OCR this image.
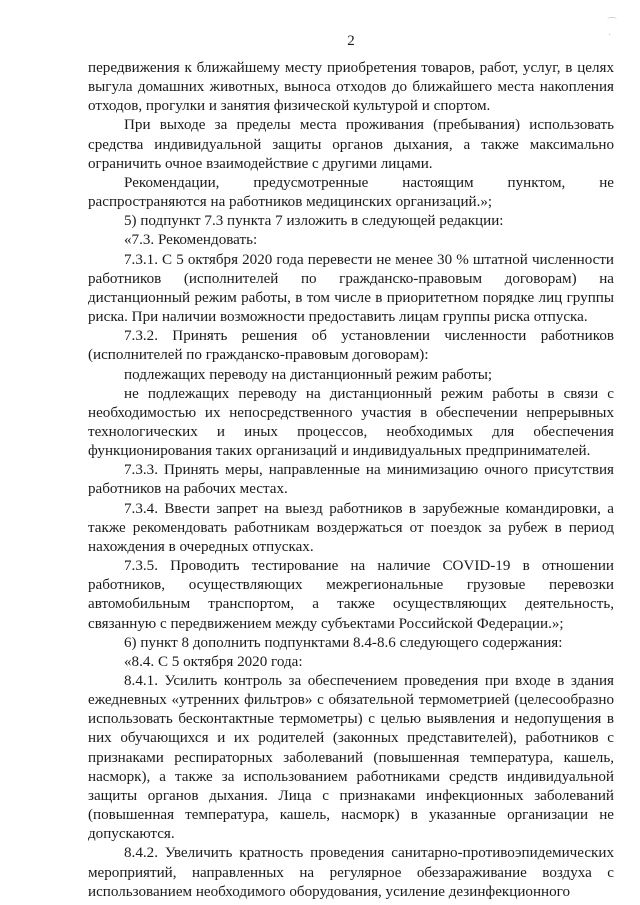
2

передвижения к ближайшему месту приобретения товаров, работ, услуг, в целях выгула домашних животных, выноса отходов до ближайшего места накопления отходов, прогулки и занятия физической культурой и спортом.

При выходе за пределы места проживания (пребывания) использовать средства индивидуальной защиты органов дыхания, а также максимально ограничить очное взаимодействие с другими лицами.

Рекомендации, предусмотренные настоящим пунктом, не распространяются на работников медицинских организаций.»;

5) подпункт 7.3 пункта 7 изложить в следующей редакции:

«7.3. Рекомендовать:

7.3.1. С 5 октября 2020 года перевести не менее 30 % штатной численности работников (исполнителей по гражданско-правовым договорам) на дистанционный режим работы, в том числе в приоритетном порядке лиц группы риска. При наличии возможности предоставить лицам группы риска отпуска.

7.3.2. Принять решения об установлении численности работников (исполнителей по гражданско-правовым договорам):

подлежащих переводу на дистанционный режим работы;

не подлежащих переводу на дистанционный режим работы в связи с необходимостью их непосредственного участия в обеспечении непрерывных технологических и иных процессов, необходимых для обеспечения функционирования таких организаций и индивидуальных предпринимателей.

7.3.3. Принять меры, направленные на минимизацию очного присутствия работников на рабочих местах.

7.3.4. Ввести запрет на выезд работников в зарубежные командировки, а также рекомендовать работникам воздержаться от поездок за рубеж в период нахождения в очередных отпусках.

7.3.5. Проводить тестирование на наличие COVID-19 в отношении работников, осуществляющих межрегиональные грузовые перевозки автомобильным транспортом, а также осуществляющих деятельность, связанную с передвижением между субъектами Российской Федерации.»;

6) пункт 8 дополнить подпунктами 8.4-8.6 следующего содержания:

«8.4. С 5 октября 2020 года:

8.4.1. Усилить контроль за обеспечением проведения при входе в здания ежедневных «утренних фильтров» с обязательной термометрией (целесообразно использовать бесконтактные термометры) с целью выявления и недопущения в них обучающихся и их родителей (законных представителей), работников с признаками респираторных заболеваний (повышенная температура, кашель, насморк), а также за использованием работниками средств индивидуальной защиты органов дыхания. Лица с признаками инфекционных заболеваний (повышенная температура, кашель, насморк) в указанные организации не допускаются.

8.4.2. Увеличить кратность проведения санитарно-противоэпидемических мероприятий, направленных на регулярное обеззараживание воздуха с использованием необходимого оборудования, усиление дезинфекционного

⁀
·
